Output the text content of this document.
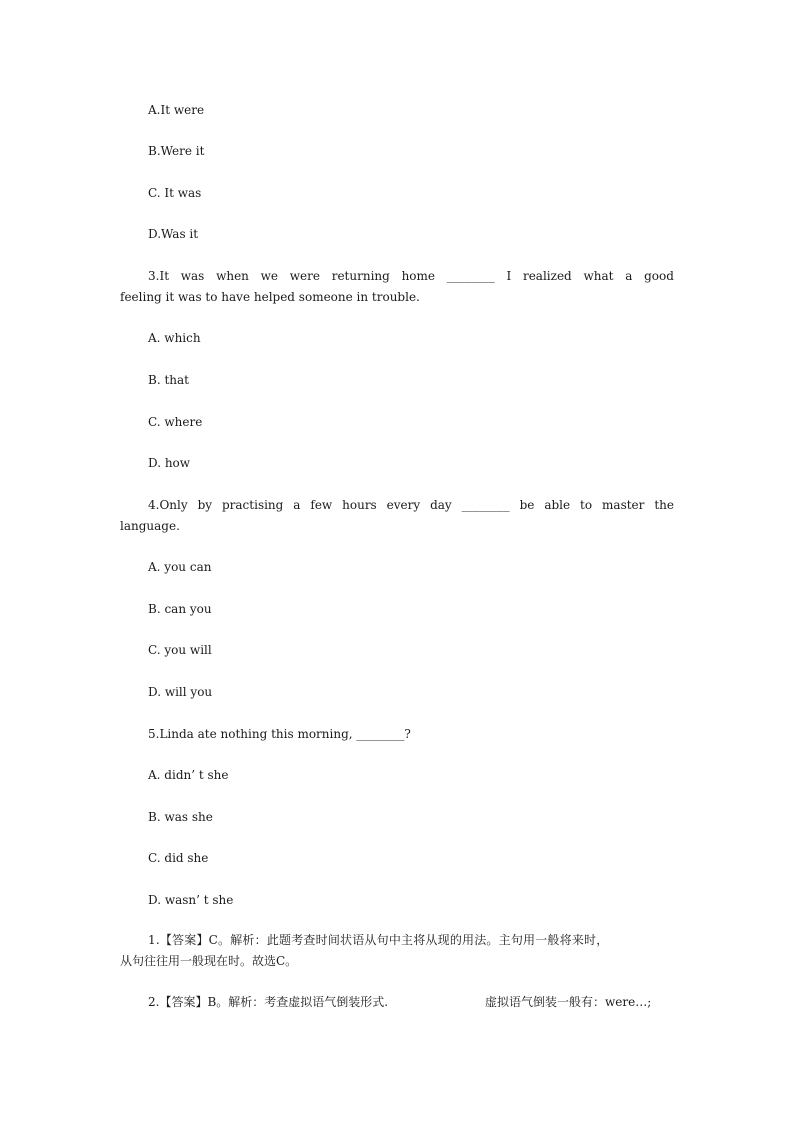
A.It were
B.Were it
C. It was
D.Was it
3.It was when we were returning home ________ I realized what a good
feeling it was to have helped someone in trouble.
A. which
B. that
C. where
D. how
4.Only by practising a few hours every day ________ be able to master the
language.
A. you can
B. can you
C. you will
D. will you
5.Linda ate nothing this morning, ________?
A. didn’ t she
B. was she
C. did she
D. wasn’ t she
1.【答案】C。解析：此题考查时间状语从句中主将从现的用法。主句用一般将来时，
从句往往用一般现在时。故选C。
2.【答案】B。解析：考查虚拟语气倒装形式.	虚拟语气倒装一般有：were…;
